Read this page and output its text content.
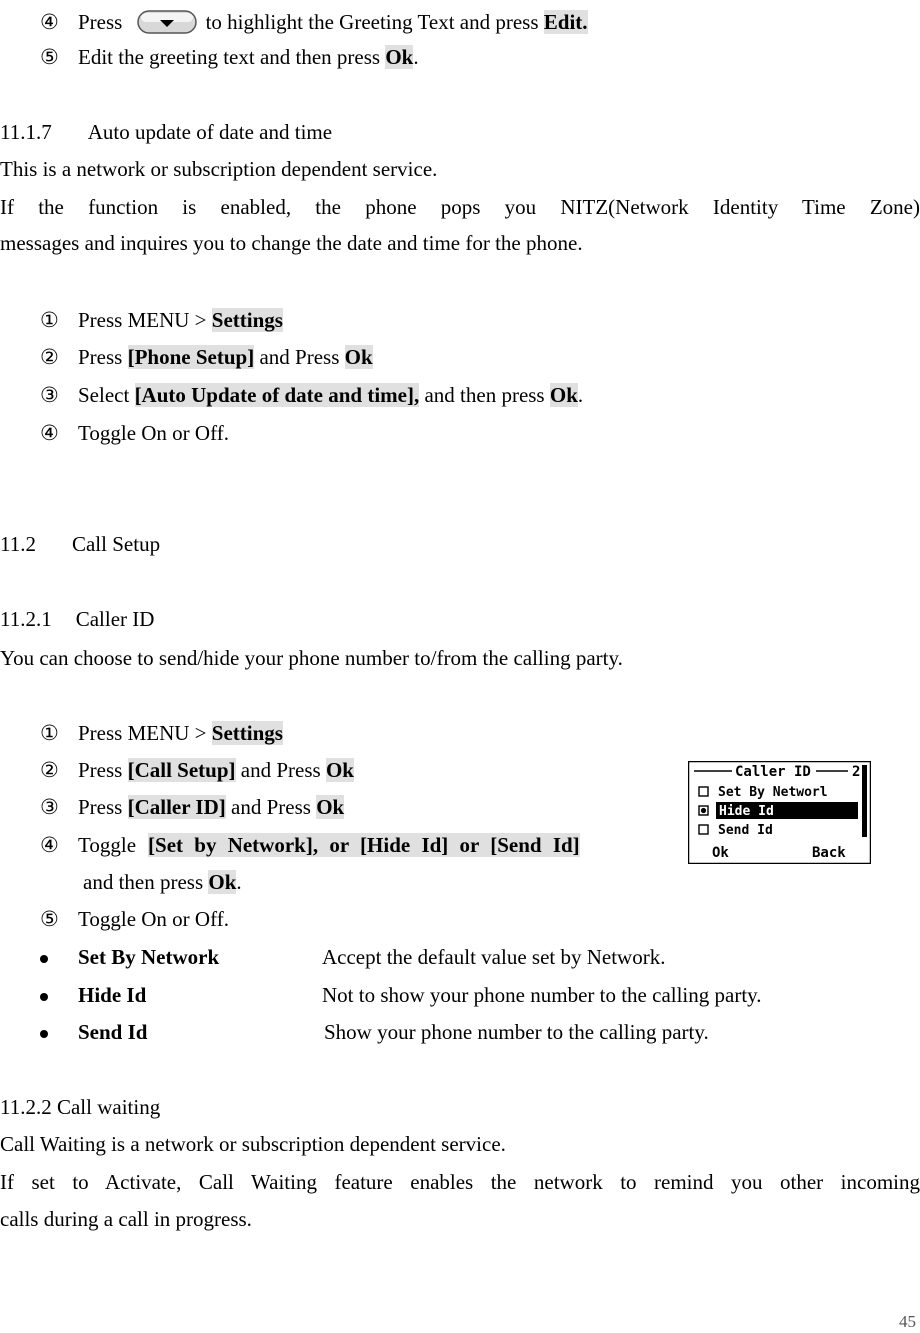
④ Press	to highlight the Greeting Text and press Edit.
⑤ Edit the greeting text and then press Ok.
11.1.7 Auto update of date and time
This is a network or subscription dependent service.
If the function is enabled, the phone pops you NITZ(Network Identity Time Zone)
messages and inquires you to change the date and time for the phone.
① Press MENU > Settings
② Press [Phone Setup] and Press Ok
③ Select [Auto Update of date and time], and then press Ok.
④ Toggle On or Off.
11.2 Call Setup
11.2.1 Caller ID
You can choose to send/hide your phone number to/from the calling party.
① Press MENU > Settings
② Press [Call Setup] and Press Ok
③ Press [Caller ID] and Press Ok
④ Toggle [Set by Network], or [Hide Id] or [Send Id]
and then press Ok.
⑤ Toggle On or Off.
Set By Network	Accept the default value set by Network.
Hide Id	Not to show your phone number to the calling party.
Send Id	Show your phone number to the calling party.
11.2.2 Call waiting
Call Waiting is a network or subscription dependent service.
If set to Activate, Call Waiting feature enables the network to remind you other incoming
calls during a call in progress.
45
Caller ID	2
Set By Networl
Hide Id
Send Id
Ok	Back
